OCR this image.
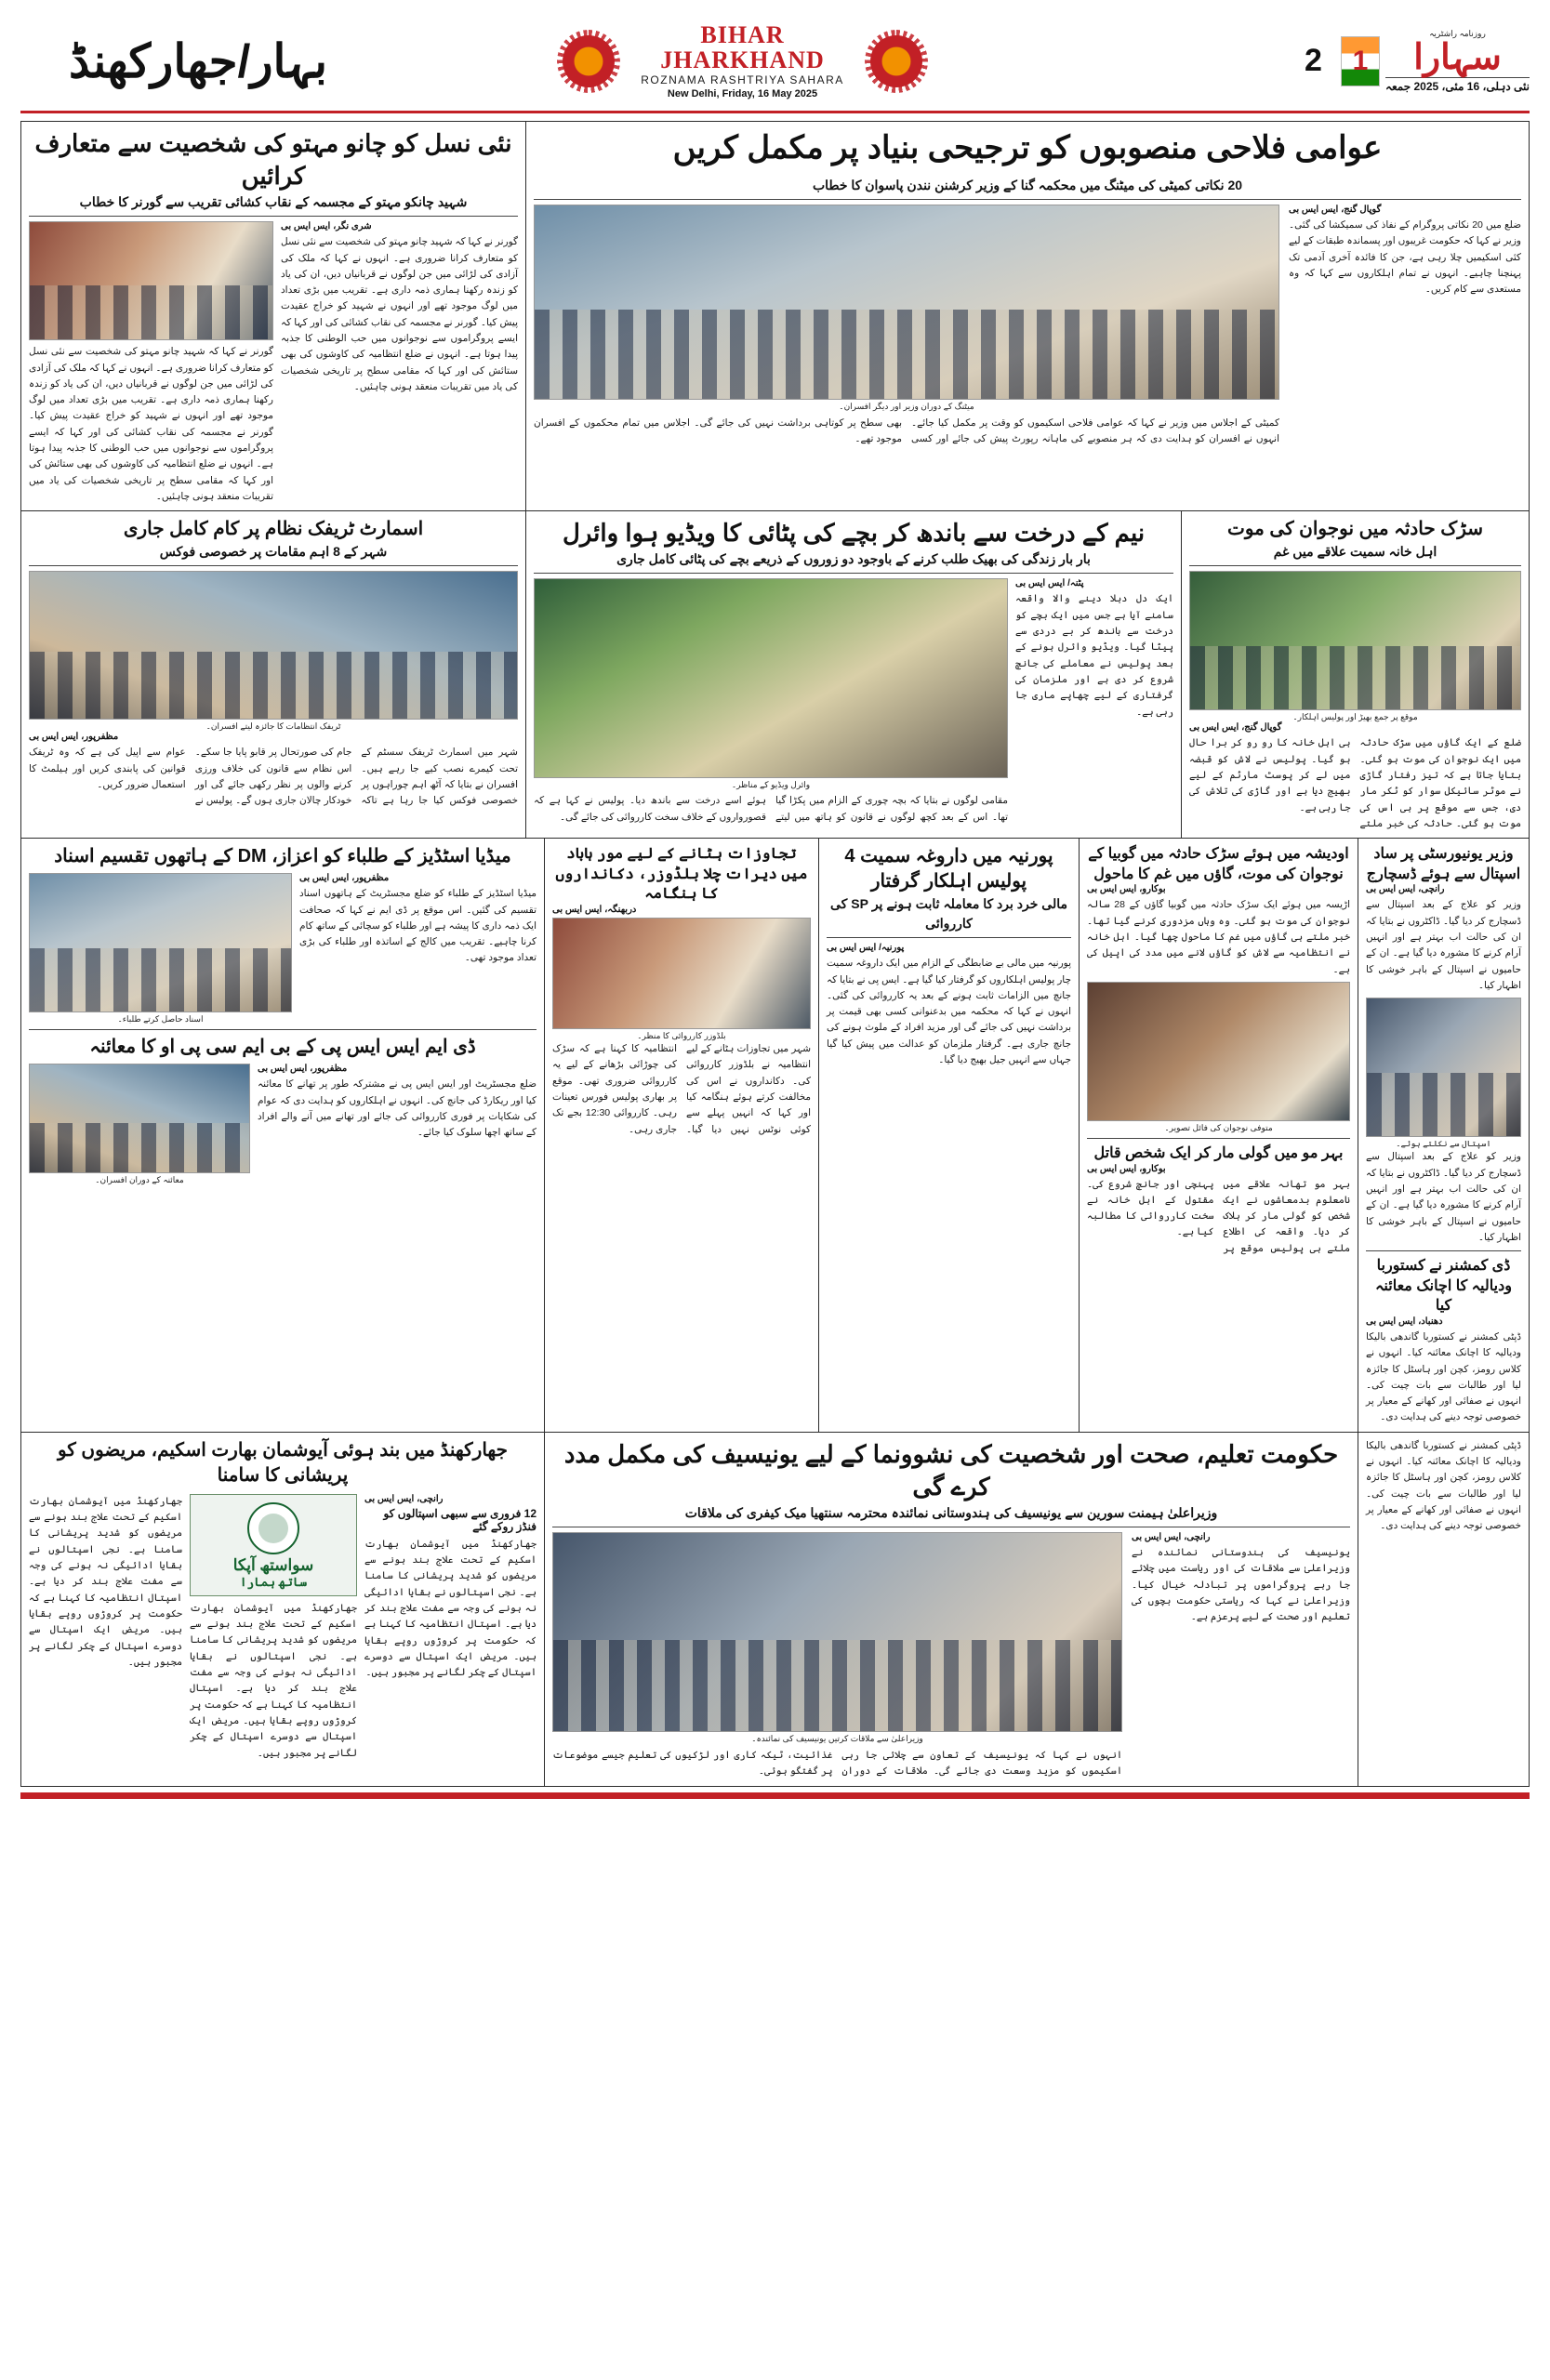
روزنامہ راشٹریہ
سہارا
نئی دہلی، 16 مئی، 2025 جمعہ
1
2
BIHAR
JHARKHAND
ROZNAMA RASHTRIYA SAHARA
New Delhi, Friday, 16 May 2025
بہار/جھارکھنڈ
عوامی فلاحی منصوبوں کو ترجیحی بنیاد پر مکمل کریں
20 نکاتی کمیٹی کی میٹنگ میں محکمہ گنا کے وزیر کرشنن نندن پاسوان کا خطاب
گوپال گنج، ایس ایس بی
ضلع میں 20 نکاتی پروگرام کے نفاذ کی سمیکشا کی گئی۔ وزیر نے کہا کہ حکومت غریبوں اور پسماندہ طبقات کے لیے کئی اسکیمیں چلا رہی ہے، جن کا فائدہ آخری آدمی تک پہنچنا چاہیے۔ انہوں نے تمام اہلکاروں سے کہا کہ وہ مستعدی سے کام کریں۔
میٹنگ کے دوران وزیر اور دیگر افسران۔
کمیٹی کے اجلاس میں وزیر نے کہا کہ عوامی فلاحی اسکیموں کو وقت پر مکمل کیا جائے۔ انہوں نے افسران کو ہدایت دی کہ ہر منصوبے کی ماہانہ رپورٹ پیش کی جائے اور کسی بھی سطح پر کوتاہی برداشت نہیں کی جائے گی۔ اجلاس میں تمام محکموں کے افسران موجود تھے۔
نئی نسل کو چانو مہتو کی شخصیت سے متعارف کرائیں
شہید چانکو مہتو کے مجسمہ کے نقاب کشائی تقریب سے گورنر کا خطاب
شری نگر، ایس ایس بی
گورنر نے کہا کہ شہید چانو مہتو کی شخصیت سے نئی نسل کو متعارف کرانا ضروری ہے۔ انہوں نے کہا کہ ملک کی آزادی کی لڑائی میں جن لوگوں نے قربانیاں دیں، ان کی یاد کو زندہ رکھنا ہماری ذمہ داری ہے۔ تقریب میں بڑی تعداد میں لوگ موجود تھے اور انہوں نے شہید کو خراج عقیدت پیش کیا۔ گورنر نے مجسمہ کی نقاب کشائی کی اور کہا کہ ایسے پروگراموں سے نوجوانوں میں حب الوطنی کا جذبہ پیدا ہوتا ہے۔ انہوں نے ضلع انتظامیہ کی کاوشوں کی بھی ستائش کی اور کہا کہ مقامی سطح پر تاریخی شخصیات کی یاد میں تقریبات منعقد ہونی چاہئیں۔
گورنر نے کہا کہ شہید چانو مہتو کی شخصیت سے نئی نسل کو متعارف کرانا ضروری ہے۔ انہوں نے کہا کہ ملک کی آزادی کی لڑائی میں جن لوگوں نے قربانیاں دیں، ان کی یاد کو زندہ رکھنا ہماری ذمہ داری ہے۔ تقریب میں بڑی تعداد میں لوگ موجود تھے اور انہوں نے شہید کو خراج عقیدت پیش کیا۔ گورنر نے مجسمہ کی نقاب کشائی کی اور کہا کہ ایسے پروگراموں سے نوجوانوں میں حب الوطنی کا جذبہ پیدا ہوتا ہے۔ انہوں نے ضلع انتظامیہ کی کاوشوں کی بھی ستائش کی اور کہا کہ مقامی سطح پر تاریخی شخصیات کی یاد میں تقریبات منعقد ہونی چاہئیں۔
سڑک حادثہ میں نوجوان کی موت
اہل خانہ سمیت علاقے میں غم
موقع پر جمع بھیڑ اور پولیس اہلکار۔
گوپال گنج، ایس ایس بی
ضلع کے ایک گاؤں میں سڑک حادثہ میں ایک نوجوان کی موت ہو گئی۔ بتایا جاتا ہے کہ تیز رفتار گاڑی نے موٹر سائیکل سوار کو ٹکر مار دی، جس سے موقع پر ہی اس کی موت ہو گئی۔ حادثہ کی خبر ملتے ہی اہل خانہ کا رو رو کر برا حال ہو گیا۔ پولیس نے لاش کو قبضہ میں لے کر پوسٹ مارٹم کے لیے بھیج دیا ہے اور گاڑی کی تلاش کی جا رہی ہے۔
نیم کے درخت سے باندھ کر بچے کی پٹائی کا ویڈیو ہوا وائرل
بار بار زندگی کی بھیک طلب کرنے کے باوجود دو زوروں کے ذریعے بچے کی پٹائی کامل جاری
پٹنہ/ ایس ایس بی
ایک دل دہلا دینے والا واقعہ سامنے آیا ہے جس میں ایک بچے کو درخت سے باندھ کر بے دردی سے پیٹا گیا۔ ویڈیو وائرل ہونے کے بعد پولیس نے معاملے کی جانچ شروع کر دی ہے اور ملزمان کی گرفتاری کے لیے چھاپے ماری جا رہی ہے۔
وائرل ویڈیو کے مناظر۔
مقامی لوگوں نے بتایا کہ بچہ چوری کے الزام میں پکڑا گیا تھا۔ اس کے بعد کچھ لوگوں نے قانون کو ہاتھ میں لیتے ہوئے اسے درخت سے باندھ دیا۔ پولیس نے کہا ہے کہ قصورواروں کے خلاف سخت کارروائی کی جائے گی۔
اسمارٹ ٹریفک نظام پر کام کامل جاری
شہر کے 8 اہم مقامات پر خصوصی فوکس
ٹریفک انتظامات کا جائزہ لیتے افسران۔
مظفرپور، ایس ایس بی
شہر میں اسمارٹ ٹریفک سسٹم کے تحت کیمرے نصب کیے جا رہے ہیں۔ افسران نے بتایا کہ آٹھ اہم چوراہوں پر خصوصی فوکس کیا جا رہا ہے تاکہ جام کی صورتحال پر قابو پایا جا سکے۔ اس نظام سے قانون کی خلاف ورزی کرنے والوں پر نظر رکھی جائے گی اور خودکار چالان جاری ہوں گے۔ پولیس نے عوام سے اپیل کی ہے کہ وہ ٹریفک قوانین کی پابندی کریں اور ہیلمٹ کا استعمال ضرور کریں۔
وزیر یونیورسٹی پر ساد اسپتال سے ہوئے ڈسچارج
رانچی، ایس ایس بی
وزیر کو علاج کے بعد اسپتال سے ڈسچارج کر دیا گیا۔ ڈاکٹروں نے بتایا کہ ان کی حالت اب بہتر ہے اور انہیں آرام کرنے کا مشورہ دیا گیا ہے۔ ان کے حامیوں نے اسپتال کے باہر خوشی کا اظہار کیا۔
اسپتال سے نکلتے ہوئے۔
وزیر کو علاج کے بعد اسپتال سے ڈسچارج کر دیا گیا۔ ڈاکٹروں نے بتایا کہ ان کی حالت اب بہتر ہے اور انہیں آرام کرنے کا مشورہ دیا گیا ہے۔ ان کے حامیوں نے اسپتال کے باہر خوشی کا اظہار کیا۔
ڈی کمشنر نے کستوربا ودیالیہ کا اچانک معائنہ کیا
دھنباد، ایس ایس بی
ڈپٹی کمشنر نے کستوربا گاندھی بالیکا ودیالیہ کا اچانک معائنہ کیا۔ انہوں نے کلاس رومز، کچن اور ہاسٹل کا جائزہ لیا اور طالبات سے بات چیت کی۔ انہوں نے صفائی اور کھانے کے معیار پر خصوصی توجہ دینے کی ہدایت دی۔
اودیشہ میں ہوئے سڑک حادثہ میں گوبیا کے نوجوان کی موت، گاؤں میں غم کا ماحول
بوکارو، ایس ایس بی
اڑیسہ میں ہوئے ایک سڑک حادثہ میں گوبیا گاؤں کے 28 سالہ نوجوان کی موت ہو گئی۔ وہ وہاں مزدوری کرنے گیا تھا۔ خبر ملتے ہی گاؤں میں غم کا ماحول چھا گیا۔ اہل خانہ نے انتظامیہ سے لاش کو گاؤں لانے میں مدد کی اپیل کی ہے۔
متوفی نوجوان کی فائل تصویر۔
بہر مو میں گولی مار کر ایک شخص قاتل
بوکارو، ایس ایس بی
بہر مو تھانہ علاقے میں نامعلوم بدمعاشوں نے ایک شخص کو گولی مار کر ہلاک کر دیا۔ واقعہ کی اطلاع ملتے ہی پولیس موقع پر پہنچی اور جانچ شروع کی۔ مقتول کے اہل خانہ نے سخت کارروائی کا مطالبہ کیا ہے۔
پورنیہ میں داروغہ سمیت 4 پولیس اہلکار گرفتار
مالی خرد برد کا معاملہ ثابت ہونے پر SP کی کارروائی
پورنیہ/ ایس ایس بی
پورنیہ میں مالی بے ضابطگی کے الزام میں ایک داروغہ سمیت چار پولیس اہلکاروں کو گرفتار کیا گیا ہے۔ ایس پی نے بتایا کہ جانچ میں الزامات ثابت ہونے کے بعد یہ کارروائی کی گئی۔ انہوں نے کہا کہ محکمہ میں بدعنوانی کسی بھی قیمت پر برداشت نہیں کی جائے گی اور مزید افراد کے ملوث ہونے کی جانچ جاری ہے۔ گرفتار ملزمان کو عدالت میں پیش کیا گیا جہاں سے انہیں جیل بھیج دیا گیا۔
تجاوزات ہٹانے کے لیے مور ہاباد میں دیرات چلا بلڈوزر، دکانداروں کا ہنگامہ
دربھنگہ، ایس ایس بی
بلڈوزر کارروائی کا منظر۔
شہر میں تجاوزات ہٹانے کے لیے انتظامیہ نے بلڈوزر کارروائی کی۔ دکانداروں نے اس کی مخالفت کرتے ہوئے ہنگامہ کیا اور کہا کہ انہیں پہلے سے کوئی نوٹس نہیں دیا گیا۔ انتظامیہ کا کہنا ہے کہ سڑک کی چوڑائی بڑھانے کے لیے یہ کارروائی ضروری تھی۔ موقع پر بھاری پولیس فورس تعینات رہی۔ کارروائی 12:30 بجے تک جاری رہی۔
میڈیا اسٹڈیز کے طلباء کو اعزاز، DM کے ہاتھوں تقسیم اسناد
مظفرپور، ایس ایس بی
میڈیا اسٹڈیز کے طلباء کو ضلع مجسٹریٹ کے ہاتھوں اسناد تقسیم کی گئیں۔ اس موقع پر ڈی ایم نے کہا کہ صحافت ایک ذمہ داری کا پیشہ ہے اور طلباء کو سچائی کے ساتھ کام کرنا چاہیے۔ تقریب میں کالج کے اساتذہ اور طلباء کی بڑی تعداد موجود تھی۔
اسناد حاصل کرتے طلباء۔
ڈی ایم ایس ایس پی کے بی ایم سی پی او کا معائنہ
مظفرپور، ایس ایس بی
ضلع مجسٹریٹ اور ایس ایس پی نے مشترکہ طور پر تھانے کا معائنہ کیا اور ریکارڈ کی جانچ کی۔ انہوں نے اہلکاروں کو ہدایت دی کہ عوام کی شکایات پر فوری کارروائی کی جائے اور تھانے میں آنے والے افراد کے ساتھ اچھا سلوک کیا جائے۔
معائنہ کے دوران افسران۔
ڈپٹی کمشنر نے کستوربا گاندھی بالیکا ودیالیہ کا اچانک معائنہ کیا۔ انہوں نے کلاس رومز، کچن اور ہاسٹل کا جائزہ لیا اور طالبات سے بات چیت کی۔ انہوں نے صفائی اور کھانے کے معیار پر خصوصی توجہ دینے کی ہدایت دی۔
حکومت تعلیم، صحت اور شخصیت کی نشوونما کے لیے یونیسیف کی مکمل مدد کرے گی
وزیراعلیٰ ہیمنت سورین سے یونیسیف کی ہندوستانی نمائندہ محترمہ سنتھیا میک کیفری کی ملاقات
رانچی، ایس ایس بی
یونیسیف کی ہندوستانی نمائندہ نے وزیراعلیٰ سے ملاقات کی اور ریاست میں چلائے جا رہے پروگراموں پر تبادلہ خیال کیا۔ وزیراعلیٰ نے کہا کہ ریاستی حکومت بچوں کی تعلیم اور صحت کے لیے پرعزم ہے۔
وزیراعلیٰ سے ملاقات کرتیں یونیسیف کی نمائندہ۔
انہوں نے کہا کہ یونیسیف کے تعاون سے چلائی جا رہی اسکیموں کو مزید وسعت دی جائے گی۔ ملاقات کے دوران غذائیت، ٹیکہ کاری اور لڑکیوں کی تعلیم جیسے موضوعات پر گفتگو ہوئی۔
جھارکھنڈ میں بند ہوئی آیوشمان بھارت اسکیم، مریضوں کو پریشانی کا سامنا
رانچی، ایس ایس بی
12 فروری سے سبھی اسپتالوں کو فنڈز روکے گئے
جھارکھنڈ میں آیوشمان بھارت اسکیم کے تحت علاج بند ہونے سے مریضوں کو شدید پریشانی کا سامنا ہے۔ نجی اسپتالوں نے بقایا ادائیگی نہ ہونے کی وجہ سے مفت علاج بند کر دیا ہے۔ اسپتال انتظامیہ کا کہنا ہے کہ حکومت پر کروڑوں روپے بقایا ہیں۔ مریض ایک اسپتال سے دوسرے اسپتال کے چکر لگانے پر مجبور ہیں۔
سواستھ آپکا
ساتھ ہمارا
جھارکھنڈ میں آیوشمان بھارت اسکیم کے تحت علاج بند ہونے سے مریضوں کو شدید پریشانی کا سامنا ہے۔ نجی اسپتالوں نے بقایا ادائیگی نہ ہونے کی وجہ سے مفت علاج بند کر دیا ہے۔ اسپتال انتظامیہ کا کہنا ہے کہ حکومت پر کروڑوں روپے بقایا ہیں۔ مریض ایک اسپتال سے دوسرے اسپتال کے چکر لگانے پر مجبور ہیں۔
جھارکھنڈ میں آیوشمان بھارت اسکیم کے تحت علاج بند ہونے سے مریضوں کو شدید پریشانی کا سامنا ہے۔ نجی اسپتالوں نے بقایا ادائیگی نہ ہونے کی وجہ سے مفت علاج بند کر دیا ہے۔ اسپتال انتظامیہ کا کہنا ہے کہ حکومت پر کروڑوں روپے بقایا ہیں۔ مریض ایک اسپتال سے دوسرے اسپتال کے چکر لگانے پر مجبور ہیں۔
